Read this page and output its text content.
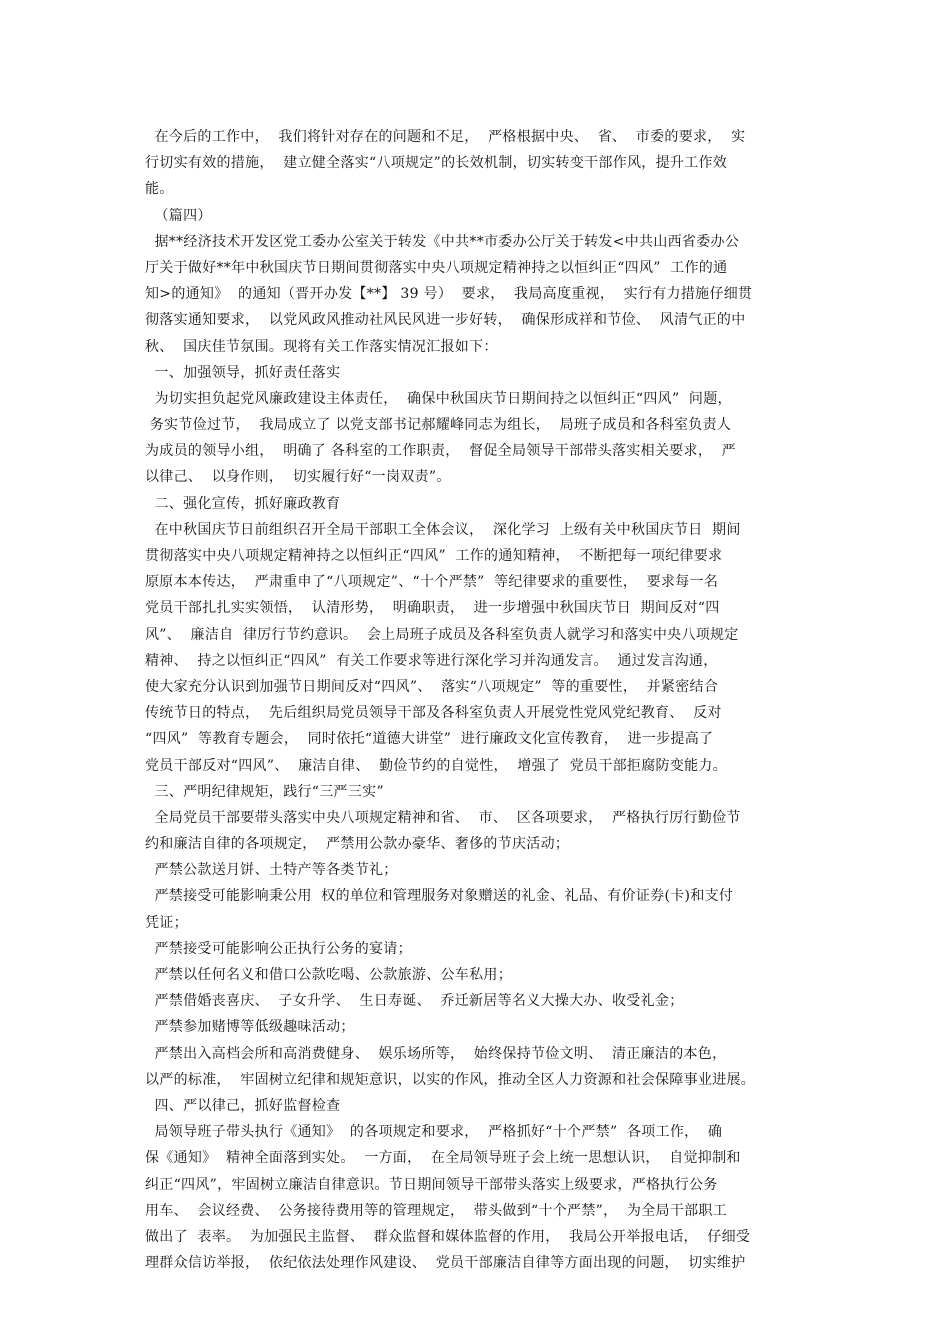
在今后的工作中，  我们将针对存在的问题和不足，  严格根据中央、  省、  市委的要求，  实
行切实有效的措施，  建立健全落实“八项规定”的长效机制，切实转变干部作风，提升工作效
能。
（篇四）
据**经济技术开发区党工委办公室关于转发《中共**市委办公厅关于转发<中共山西省委办公
厅关于做好**年中秋国庆节日期间贯彻落实中央八项规定精神持之以恒纠正“四风”  工作的通
知>的通知》  的通知（晋开办发【**】 39 号）  要求，  我局高度重视，  实行有力措施仔细贯
彻落实通知要求，  以党风政风推动社风民风进一步好转，  确保形成祥和节俭、  风清气正的中
秋、  国庆佳节氛围。现将有关工作落实情况汇报如下：
一、加强领导，抓好责任落实
为切实担负起党风廉政建设主体责任，  确保中秋国庆节日期间持之以恒纠正“四风”  问题，
务实节俭过节，  我局成立了 以党支部书记郝耀峰同志为组长，  局班子成员和各科室负责人
为成员的领导小组，  明确了 各科室的工作职责，  督促全局领导干部带头落实相关要求，  严
以律己、  以身作则，  切实履行好“一岗双责”。
二、强化宣传，抓好廉政教育
在中秋国庆节日前组织召开全局干部职工全体会议，  深化学习  上级有关中秋国庆节日  期间
贯彻落实中央八项规定精神持之以恒纠正“四风”  工作的通知精神，  不断把每一项纪律要求
原原本本传达，  严肃重申了“八项规定”、“十个严禁”  等纪律要求的重要性，  要求每一名
党员干部扎扎实实领悟，  认清形势，  明确职责，  进一步增强中秋国庆节日  期间反对“四
风”、  廉洁自  律厉行节约意识。  会上局班子成员及各科室负责人就学习和落实中央八项规定
精神、  持之以恒纠正“四风”  有关工作要求等进行深化学习并沟通发言。  通过发言沟通，
使大家充分认识到加强节日期间反对“四风”、  落实“八项规定”  等的重要性，  并紧密结合
传统节日的特点，  先后组织局党员领导干部及各科室负责人开展党性党风党纪教育、  反对
“四风”  等教育专题会，  同时依托“道德大讲堂”  进行廉政文化宣传教育，  进一步提高了
党员干部反对“四风”、  廉洁自律、  勤俭节约的自觉性，  增强了  党员干部拒腐防变能力。
三、严明纪律规矩，践行“三严三实”
全局党员干部要带头落实中央八项规定精神和省、  市、  区各项要求，  严格执行厉行勤俭节
约和廉洁自律的各项规定，  严禁用公款办豪华、奢侈的节庆活动；
严禁公款送月饼、土特产等各类节礼；
严禁接受可能影响秉公用  权的单位和管理服务对象赠送的礼金、礼品、有价证券(卡)和支付
凭证；
严禁接受可能影响公正执行公务的宴请；
严禁以任何名义和借口公款吃喝、公款旅游、公车私用；
严禁借婚丧喜庆、  子女升学、  生日寿诞、  乔迁新居等名义大操大办、收受礼金；
严禁参加赌博等低级趣味活动；
严禁出入高档会所和高消费健身、  娱乐场所等，  始终保持节俭文明、  清正廉洁的本色，
以严的标准，  牢固树立纪律和规矩意识，以实的作风，推动全区人力资源和社会保障事业进展。
四、严以律己，抓好监督检查
局领导班子带头执行《通知》  的各项规定和要求，  严格抓好“十个严禁”  各项工作，  确
保《通知》  精神全面落到实处。  一方面，  在全局领导班子会上统一思想认识，  自觉抑制和
纠正“四风”，牢固树立廉洁自律意识。节日期间领导干部带头落实上级要求，严格执行公务
用车、  会议经费、  公务接待费用等的管理规定，  带头做到“十个严禁”，  为全局干部职工
做出了  表率。  为加强民主监督、  群众监督和媒体监督的作用，  我局公开举报电话，  仔细受
理群众信访举报，  依纪依法处理作风建设、  党员干部廉洁自律等方面出现的问题，  切实维护
